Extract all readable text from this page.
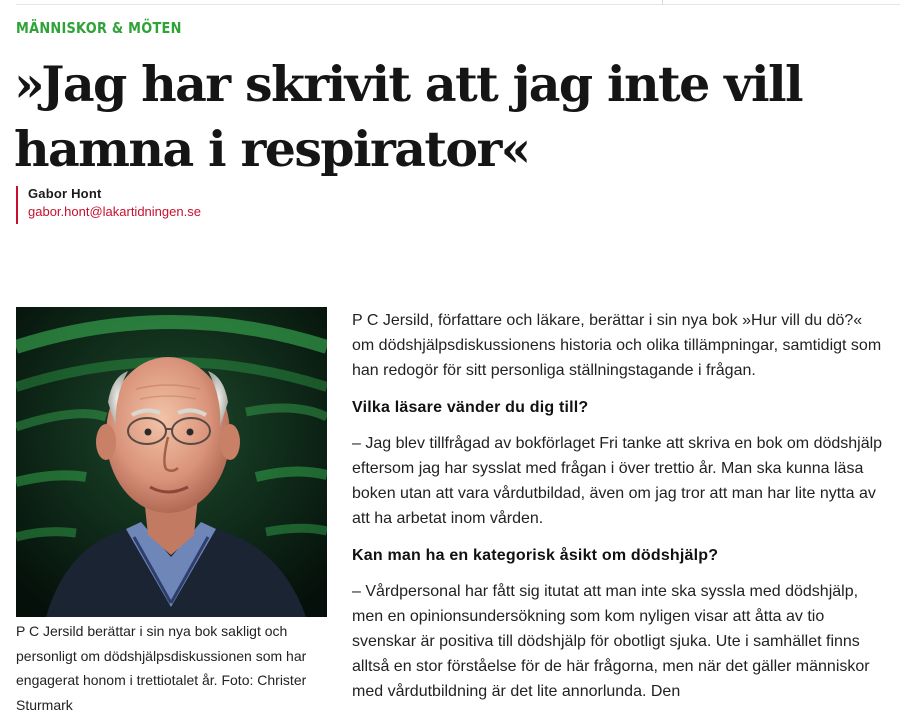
MÄNNISKOR & MÖTEN
»Jag har skrivit att jag inte vill hamna i respirator«
Gabor Hont
gabor.hont@lakartidningen.se

P C Jersild berättar i sin nya bok sakligt och personligt om dödshjälpsdiskussionen som har engagerat honom i trettiotalet år. Foto: Christer Sturmark

P C Jersild, författare och läkare, berättar i sin nya bok »Hur vill du dö?« om dödshjälpsdiskussionens historia och olika tillämpningar, samtidigt som han redogör för sitt personliga ställningstagande i frågan.

Vilka läsare vänder du dig till?

– Jag blev tillfrågad av bokförlaget Fri tanke att skriva en bok om dödshjälp eftersom jag har sysslat med frågan i över trettio år. Man ska kunna läsa boken utan att vara vårdutbildad, även om jag tror att man har lite nytta av att ha arbetat inom vården.

Kan man ha en kategorisk åsikt om dödshjälp?

– Vårdpersonal har fått sig itutat att man inte ska syssla med dödshjälp, men en opinionsundersökning som kom nyligen visar att åtta av tio svenskar är positiva till dödshjälp för obotligt sjuka. Ute i samhället finns alltså en stor förståelse för de här frågorna, men när det gäller människor med vårdutbildning är det lite annorlunda. Den
